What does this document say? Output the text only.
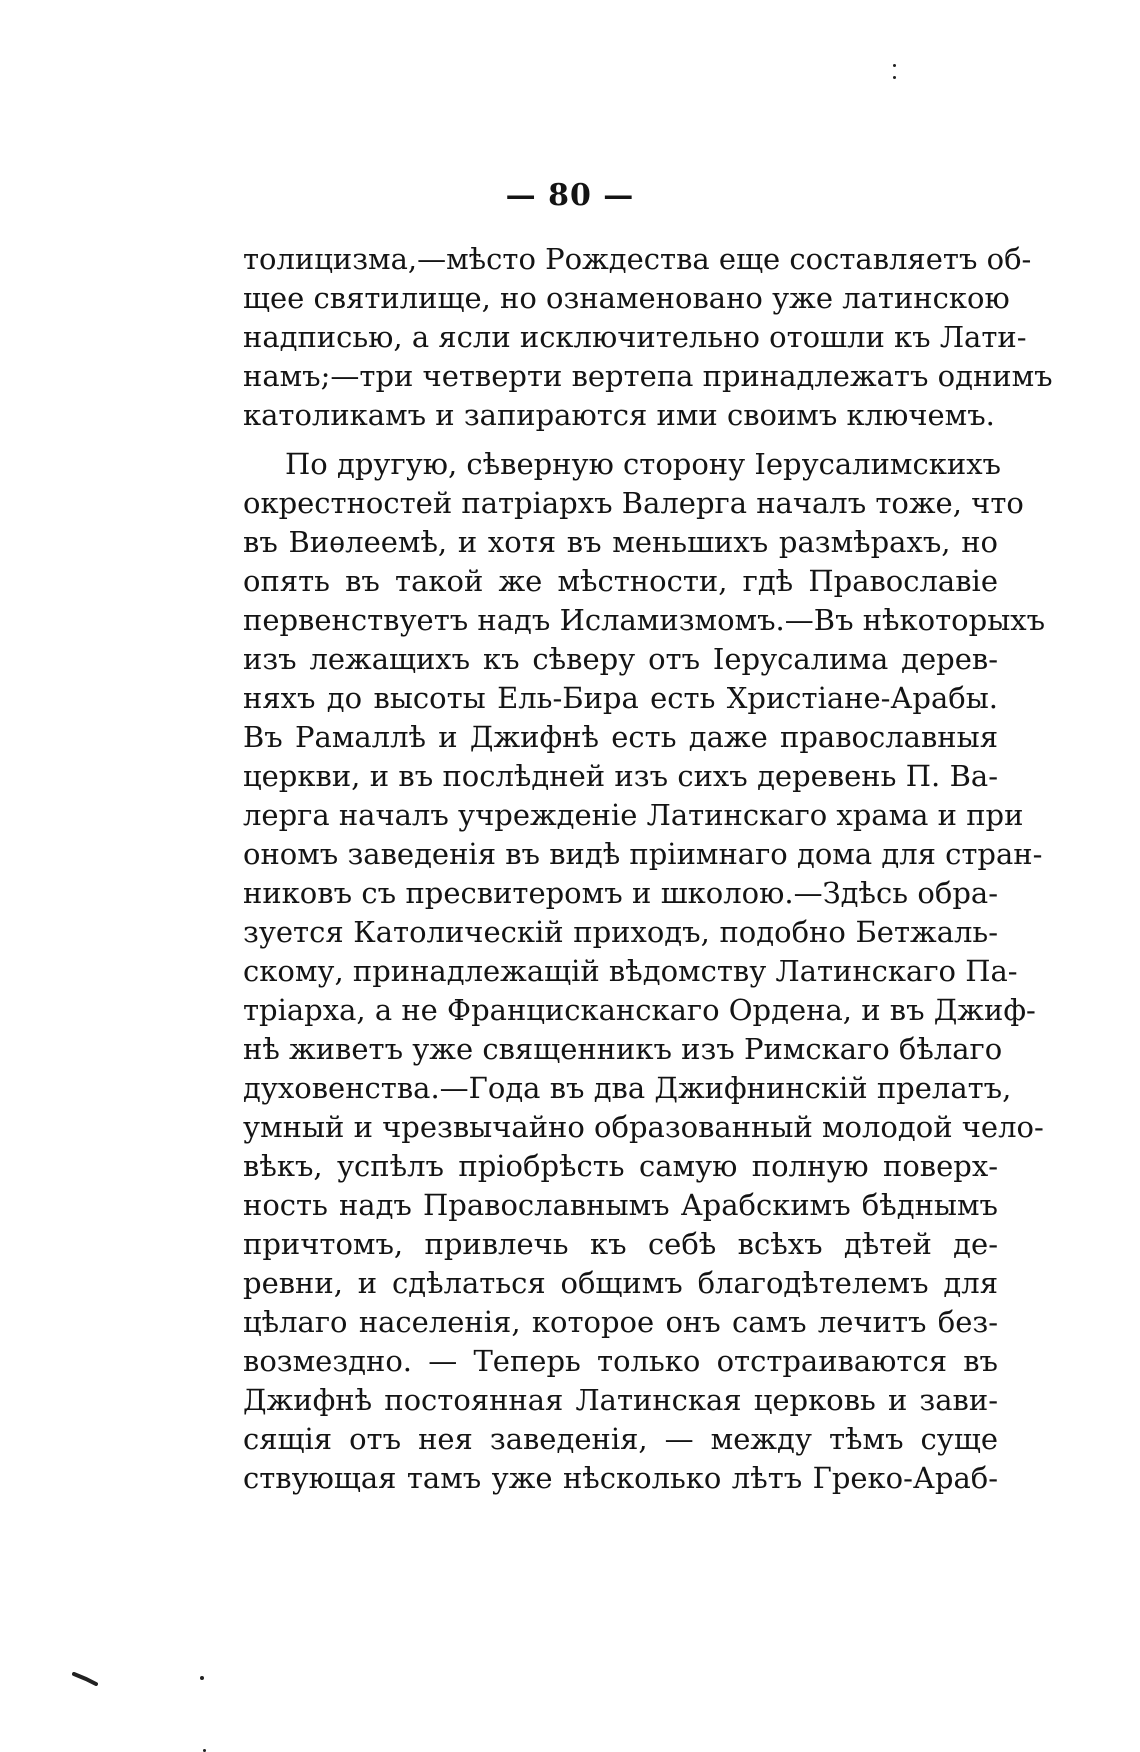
— 80 —
толицизма,—мѣсто Рождества еще составляетъ об-
щее святилище, но ознаменовано уже латинскою
надписью, а ясли исключительно отошли къ Лати-
намъ;—три четверти вертепа принадлежатъ однимъ
католикамъ и запираются ими своимъ ключемъ.
По другую, сѣверную сторону Iерусалимскихъ
окрестностей патріархъ Валерга началъ тоже, что
въ Виѳлеемѣ, и хотя въ меньшихъ размѣрахъ, но
опять въ такой же мѣстности, гдѣ Православіе
первенствуетъ надъ Исламизмомъ.—Въ нѣкоторыхъ
изъ лежащихъ къ сѣверу отъ Iерусалима дерев-
няхъ до высоты Ель-Бира есть Христіане-Арабы.
Въ Рамаллѣ и Джифнѣ есть даже православныя
церкви, и въ послѣдней изъ сихъ деревень П. Ва-
лерга началъ учрежденіе Латинскаго храма и при
ономъ заведенія въ видѣ пріимнаго дома для стран-
никовъ съ пресвитеромъ и школою.—Здѣсь обра-
зуется Католическій приходъ, подобно Бетжаль-
скому, принадлежащій вѣдомству Латинскаго Па-
тріарха, а не Францисканскаго Ордена, и въ Джиф-
нѣ живетъ уже священникъ изъ Римскаго бѣлаго
духовенства.—Года въ два Джифнинскій прелатъ,
умный и чрезвычайно образованный молодой чело-
вѣкъ, успѣлъ пріобрѣсть самую полную поверх-
ность надъ Православнымъ Арабскимъ бѣднымъ
причтомъ, привлечь къ себѣ всѣхъ дѣтей де-
ревни, и сдѣлаться общимъ благодѣтелемъ для
цѣлаго населенія, которое онъ самъ лечитъ без-
возмездно. — Теперь только отстраиваются въ
Джифнѣ постоянная Латинская церковь и зави-
сящія отъ нея заведенія, — между тѣмъ суще
ствующая тамъ уже нѣсколько лѣтъ Греко-Араб-
